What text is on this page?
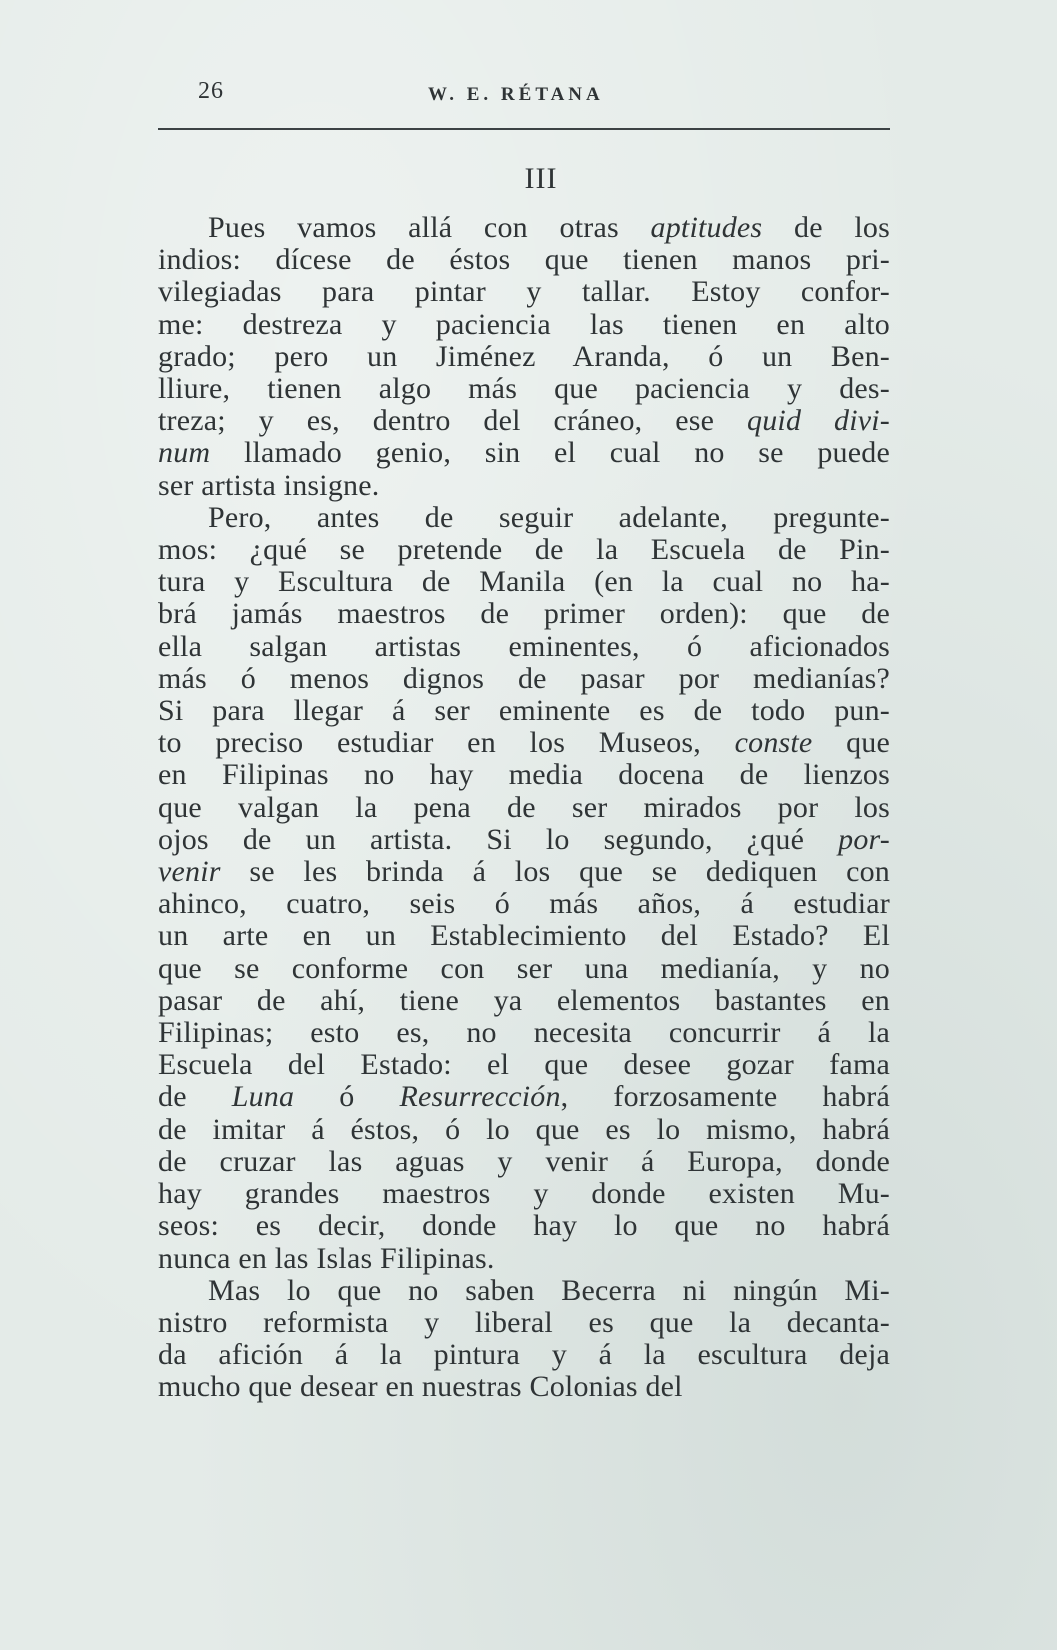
26	W. E. RÉTANA
III
Pues vamos allá con otras aptitudes de los
indios: dícese de éstos que tienen manos pri-
vilegiadas para pintar y tallar. Estoy confor-
me: destreza y paciencia las tienen en alto
grado; pero un Jiménez Aranda, ó un Ben-
lliure, tienen algo más que paciencia y des-
treza; y es, dentro del cráneo, ese quid divi-
num llamado genio, sin el cual no se puede
ser artista insigne.
Pero, antes de seguir adelante, pregunte-
mos: ¿qué se pretende de la Escuela de Pin-
tura y Escultura de Manila (en la cual no ha-
brá jamás maestros de primer orden): que de
ella salgan artistas eminentes, ó aficionados
más ó menos dignos de pasar por medianías?
Si para llegar á ser eminente es de todo pun-
to preciso estudiar en los Museos, conste que
en Filipinas no hay media docena de lienzos
que valgan la pena de ser mirados por los
ojos de un artista. Si lo segundo, ¿qué por-
venir se les brinda á los que se dediquen con
ahinco, cuatro, seis ó más años, á estudiar
un arte en un Establecimiento del Estado? El
que se conforme con ser una medianía, y no
pasar de ahí, tiene ya elementos bastantes en
Filipinas; esto es, no necesita concurrir á la
Escuela del Estado: el que desee gozar fama
de Luna ó Resurrección, forzosamente habrá
de imitar á éstos, ó lo que es lo mismo, habrá
de cruzar las aguas y venir á Europa, donde
hay grandes maestros y donde existen Mu-
seos: es decir, donde hay lo que no habrá
nunca en las Islas Filipinas.
Mas lo que no saben Becerra ni ningún Mi-
nistro reformista y liberal es que la decanta-
da afición á la pintura y á la escultura deja
mucho que desear en nuestras Colonias del
